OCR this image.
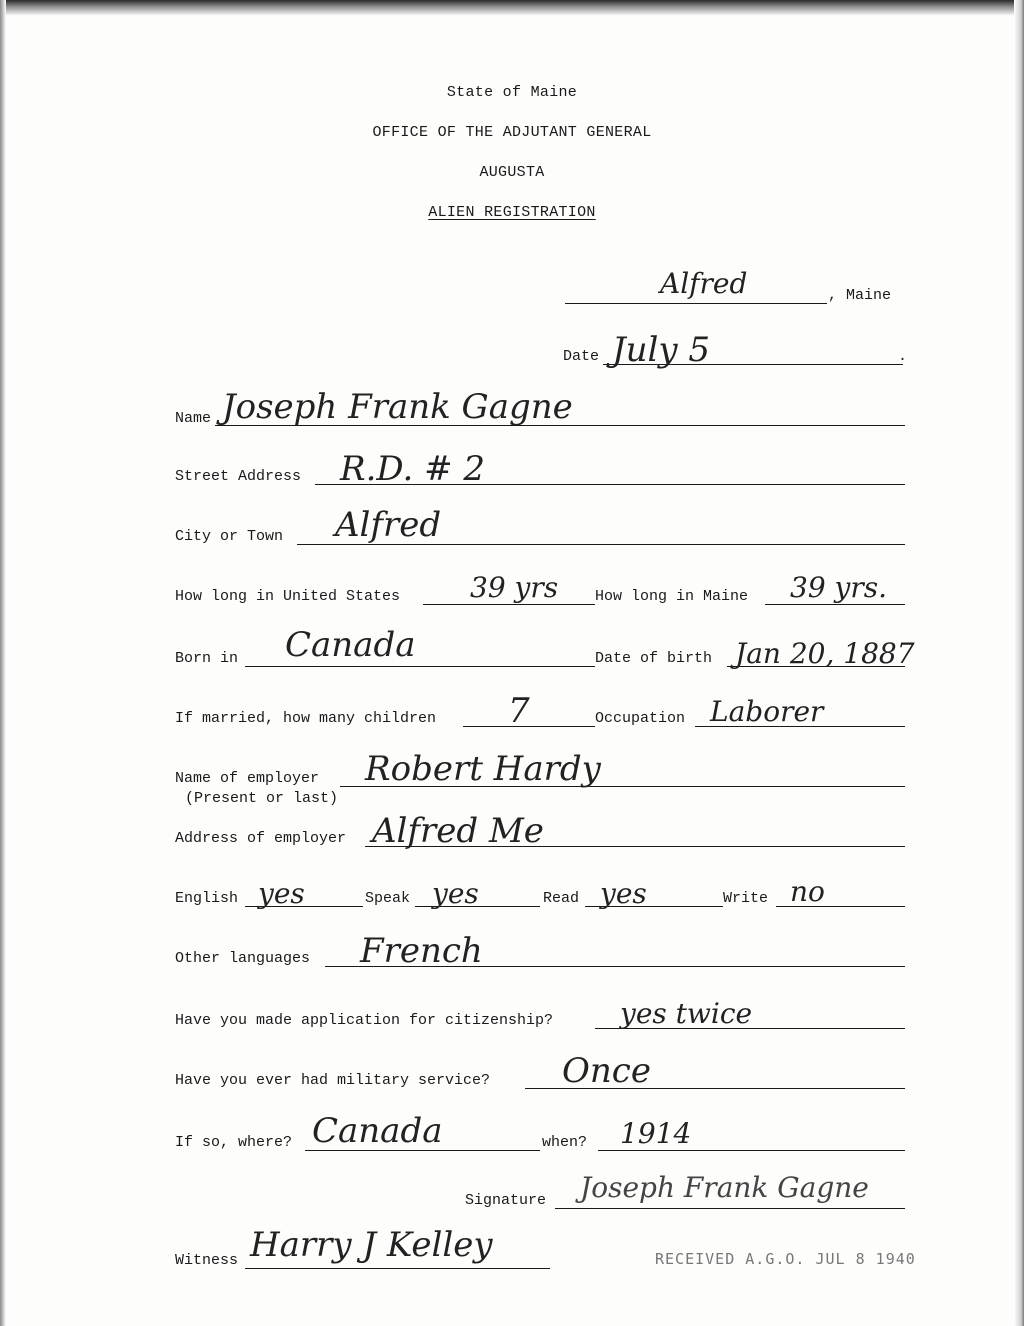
State of Maine
OFFICE OF THE ADJUTANT GENERAL
AUGUSTA
ALIEN REGISTRATION
Alfred	, Maine
Date July 5	.
Name Joseph Frank Gagne
Street Address R.D. # 2
City or Town Alfred
How long in United States 39 yrs How long in Maine 39 yrs.
Born in Canada	Date of birth Jan 20, 1887
If married, how many children 7	Occupation Laborer
Name of employer
(Present or last)
Robert Hardy
Address of employer Alfred Me
English yes	Speak yes	Read yes	Write no
Other languages French
Have you made application for citizenship? yes twice
Have you ever had military service? Once
If so, where? Canada	when? 1914
Signature Joseph Frank Gagne
Witness Harry J Kelley	RECEIVED A.G.O. JUL 8 1940
